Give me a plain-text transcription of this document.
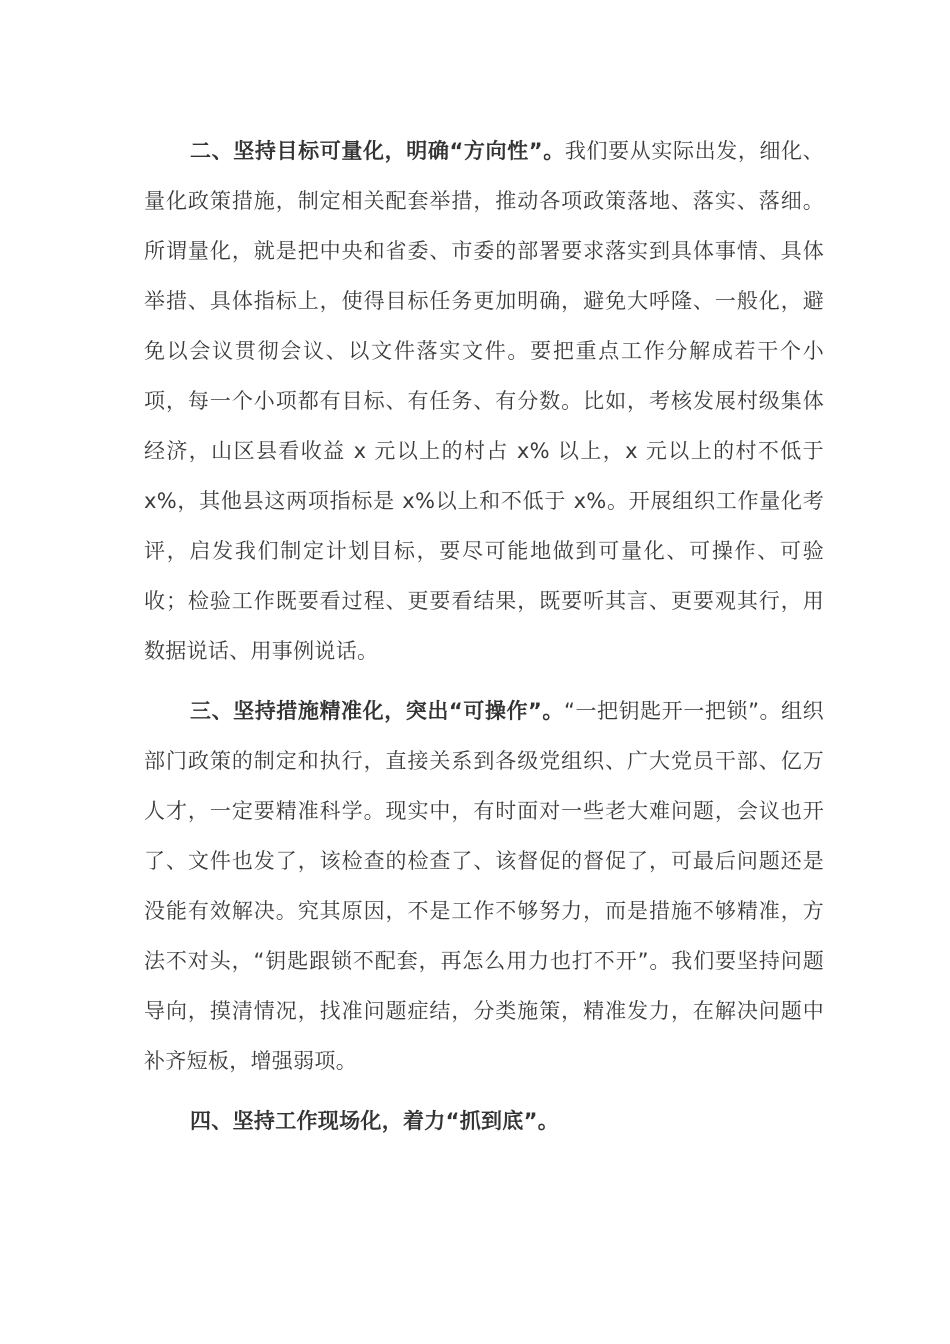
二、坚持目标可量化，明确“方向性”。我们要从实际出发，细化、量化政策措施，制定相关配套举措，推动各项政策落地、落实、落细。所谓量化，就是把中央和省委、市委的部署要求落实到具体事情、具体举措、具体指标上，使得目标任务更加明确，避免大呼隆、一般化，避免以会议贯彻会议、以文件落实文件。要把重点工作分解成若干个小项，每一个小项都有目标、有任务、有分数。比如，考核发展村级集体经济，山区县看收益 x 元以上的村占 x% 以上，x 元以上的村不低于 x%，其他县这两项指标是 x%以上和不低于 x%。开展组织工作量化考评，启发我们制定计划目标，要尽可能地做到可量化、可操作、可验收；检验工作既要看过程、更要看结果，既要听其言、更要观其行，用数据说话、用事例说话。

三、坚持措施精准化，突出“可操作”。“一把钥匙开一把锁”。组织部门政策的制定和执行，直接关系到各级党组织、广大党员干部、亿万人才，一定要精准科学。现实中，有时面对一些老大难问题，会议也开了、文件也发了，该检查的检查了、该督促的督促了，可最后问题还是没能有效解决。究其原因，不是工作不够努力，而是措施不够精准，方法不对头，“钥匙跟锁不配套，再怎么用力也打不开”。我们要坚持问题导向，摸清情况，找准问题症结，分类施策，精准发力，在解决问题中补齐短板，增强弱项。

四、坚持工作现场化，着力“抓到底”。
